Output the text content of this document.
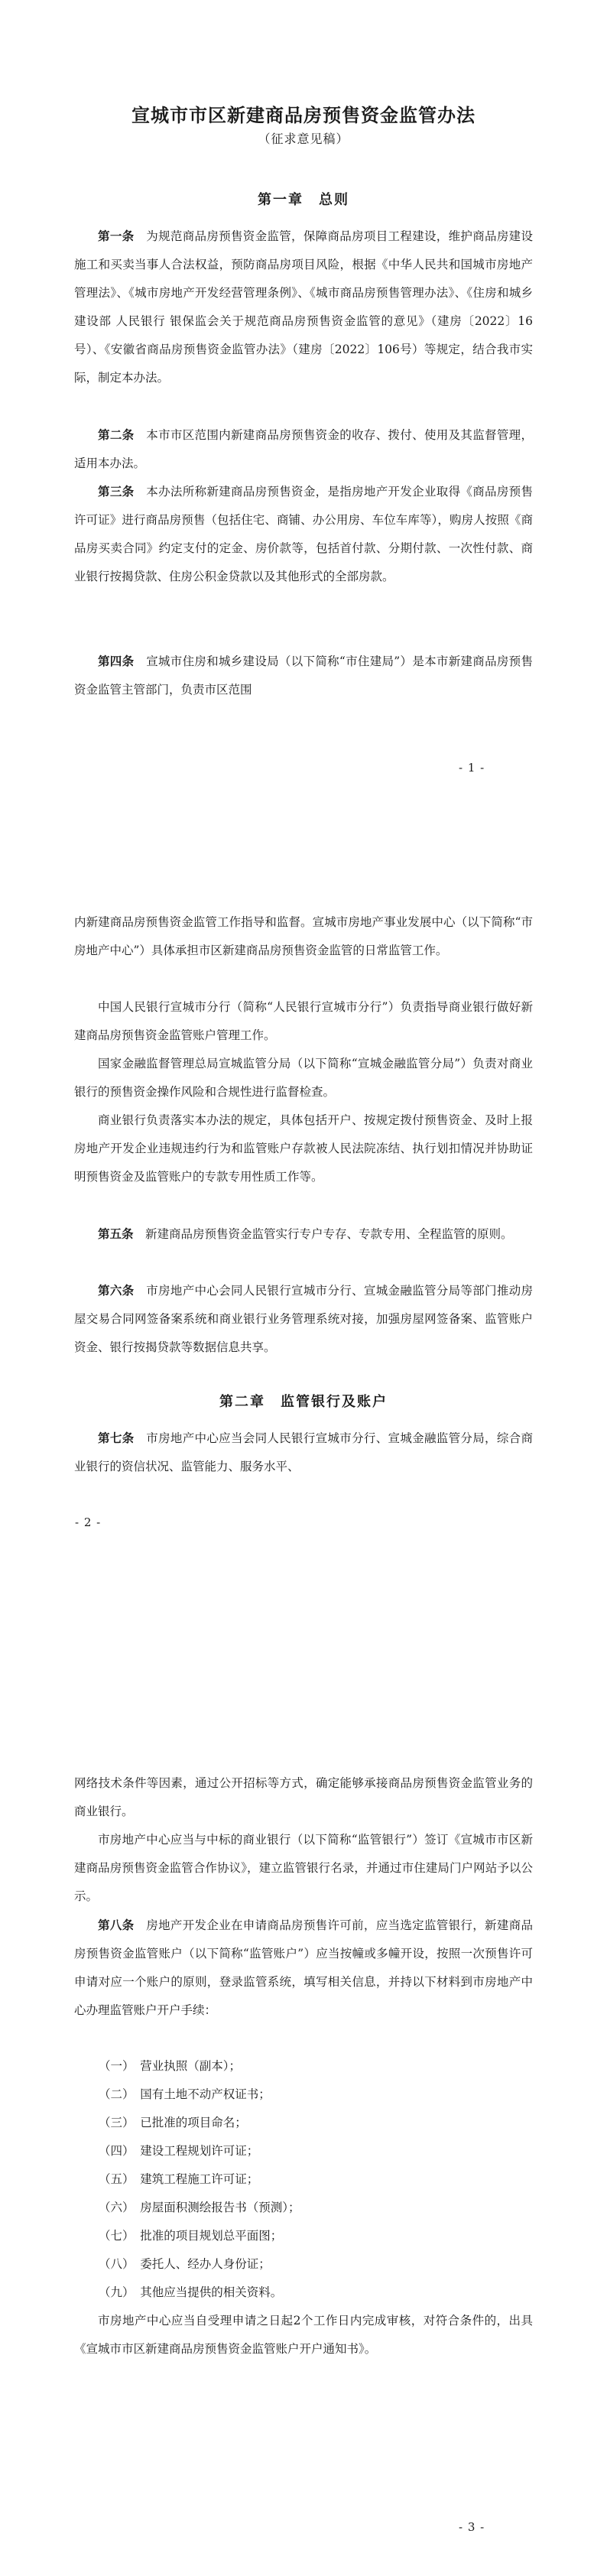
宣城市市区新建商品房预售资金监管办法
（征求意见稿）
第一章　总则

第一条　 为规范商品房预售资金监管，保障商品房项目工程建设，维护商品房建设施工和买卖当事人合法权益，预防商品房项目风险，根据《中华人民共和国城市房地产管理法》、《城市房地产开发经营管理条例》、《城市商品房预售管理办法》、《住房和城乡建设部 人民银行 银保监会关于规范商品房预售资金监管的意见》（建房〔2022〕16号）、《安徽省商品房预售资金监管办法》（建房〔2022〕106号）等规定，结合我市实际，制定本办法。

第二条　 本市市区范围内新建商品房预售资金的收存、拨付、使用及其监督管理，适用本办法。

第三条　 本办法所称新建商品房预售资金，是指房地产开发企业取得《商品房预售许可证》进行商品房预售（包括住宅、商铺、办公用房、车位车库等），购房人按照《商品房买卖合同》约定支付的定金、房价款等，包括首付款、分期付款、一次性付款、商业银行按揭贷款、住房公积金贷款以及其他形式的全部房款。

第四条　 宣城市住房和城乡建设局（以下简称“市住建局”）是本市新建商品房预售资金监管主管部门，负责市区范围

- 1 -

内新建商品房预售资金监管工作指导和监督。宣城市房地产事业发展中心（以下简称“市房地产中心”）具体承担市区新建商品房预售资金监管的日常监管工作。

中国人民银行宣城市分行（简称“人民银行宣城市分行”）负责指导商业银行做好新建商品房预售资金监管账户管理工作。

国家金融监督管理总局宣城监管分局（以下简称“宣城金融监管分局”）负责对商业银行的预售资金操作风险和合规性进行监督检查。

商业银行负责落实本办法的规定，具体包括开户、按规定拨付预售资金、及时上报房地产开发企业违规违约行为和监管账户存款被人民法院冻结、执行划扣情况并协助证明预售资金及监管账户的专款专用性质工作等。

第五条　 新建商品房预售资金监管实行专户专存、专款专用、全程监管的原则。

第六条　 市房地产中心会同人民银行宣城市分行、宣城金融监管分局等部门推动房屋交易合同网签备案系统和商业银行业务管理系统对接，加强房屋网签备案、监管账户资金、银行按揭贷款等数据信息共享。

第二章　监管银行及账户

第七条　 市房地产中心应当会同人民银行宣城市分行、宣城金融监管分局，综合商业银行的资信状况、监管能力、服务水平、

- 2 -

网络技术条件等因素，通过公开招标等方式，确定能够承接商品房预售资金监管业务的商业银行。

市房地产中心应当与中标的商业银行（以下简称“监管银行”）签订《宣城市市区新建商品房预售资金监管合作协议》，建立监管银行名录，并通过市住建局门户网站予以公示。

第八条　 房地产开发企业在申请商品房预售许可前，应当选定监管银行，新建商品房预售资金监管账户（以下简称“监管账户”）应当按幢或多幢开设，按照一次预售许可申请对应一个账户的原则，登录监管系统，填写相关信息，并持以下材料到市房地产中心办理监管账户开户手续：

（一）　营业执照（副本）；
（二）　国有土地不动产权证书；
（三）　已批准的项目命名；
（四）　建设工程规划许可证；
（五）　建筑工程施工许可证；
（六）　房屋面积测绘报告书（预测）；
（七）　批准的项目规划总平面图；
（八）　委托人、经办人身份证；
（九）　其他应当提供的相关资料。

市房地产中心应当自受理申请之日起2个工作日内完成审核，对符合条件的，出具《宣城市市区新建商品房预售资金监管账户开户通知书》。

- 3 -
